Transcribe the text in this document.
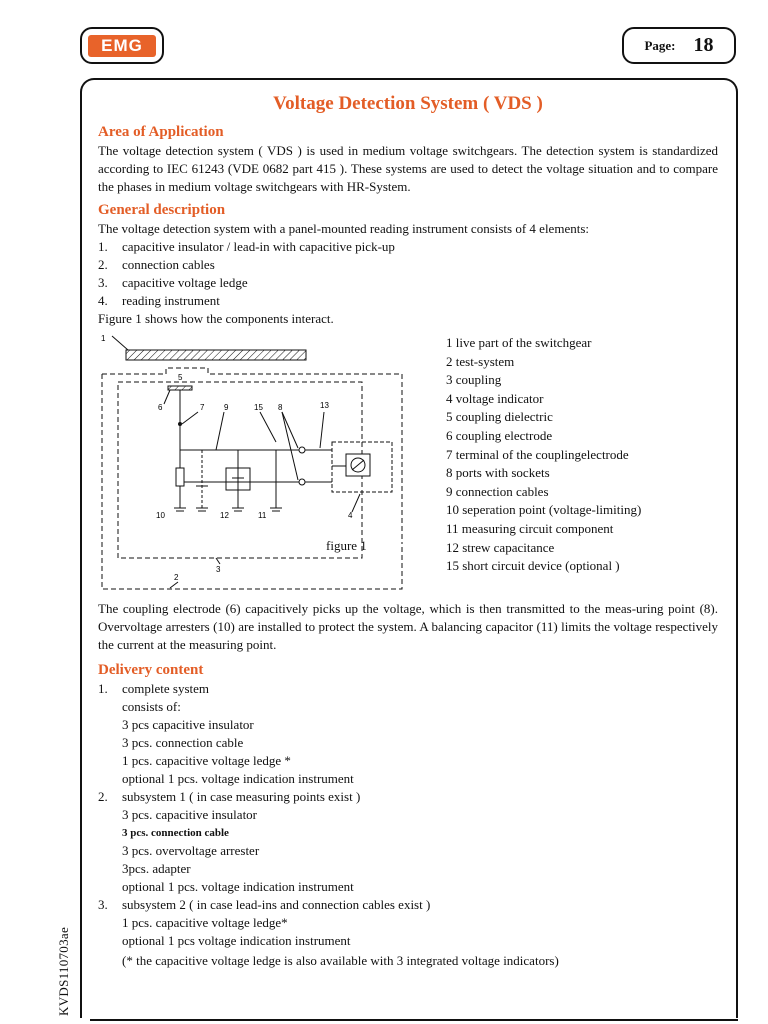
EMG	Page: 18
KVDS110703ae
Voltage Detection System ( VDS )
Area of Application

The voltage detection system ( VDS ) is used in medium voltage switchgears. The detection system is standardized according to IEC 61243 (VDE 0682 part 415 ). These systems are used to detect the voltage situation and to compare the phases in medium voltage switchgears with HR-System.

General description

The voltage detection system with a panel-mounted reading instrument consists of 4 elements:

1. capacitive insulator / lead-in with capacitive pick-up
2. connection cables
3. capacitive voltage ledge
4. reading instrument

Figure 1 shows how the components interact.

1
5
6	7 9	15 8	13
10	12	11	4
2
3
figure 1
1 live part of the switchgear
2 test-system
3 coupling
4 voltage indicator
5 coupling dielectric
6 coupling electrode
7 terminal of the couplingelectrode
8 ports with sockets
9 connection cables
10 seperation point (voltage-limiting)
11 measuring circuit component
12 strew capacitance
15 short circuit device (optional )

The coupling electrode (6) capacitively picks up the voltage, which is then transmitted to the meas-uring point (8). Overvoltage arresters (10) are installed to protect the system. A balancing capacitor (11) limits the voltage respectively the current at the measuring point.

Delivery content
1. complete system
consists of:
3 pcs capacitive insulator
3 pcs. connection cable
1 pcs. capacitive voltage ledge *
optional 1 pcs. voltage indication instrument
2. subsystem 1 ( in case measuring points exist )
3 pcs. capacitive insulator
3 pcs. connection cable
3 pcs. overvoltage arrester
3pcs. adapter
optional 1 pcs. voltage indication instrument
3. subsystem 2 ( in case lead-ins and connection cables exist )
1 pcs. capacitive voltage ledge*
optional 1 pcs voltage indication instrument
(* the capacitive voltage ledge is also available with 3 integrated voltage indicators)
